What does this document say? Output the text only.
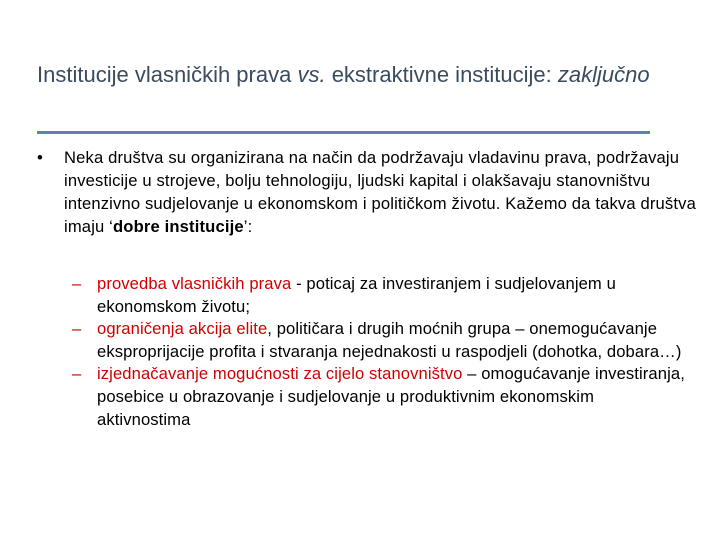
Institucije vlasničkih prava vs. ekstraktivne institucije: zaključno
• Neka društva su organizirana na način da podržavaju vladavinu prava, podržavaju investicije u strojeve, bolju tehnologiju, ljudski kapital i olakšavaju stanovništvu intenzivno sudjelovanje u ekonomskom i političkom životu. Kažemo da takva društva imaju ‘dobre institucije’:
– provedba vlasničkih prava - poticaj za investiranjem i sudjelovanjem u ekonomskom životu;
– ograničenja akcija elite, političara i drugih moćnih grupa – onemogućavanje eksproprijacije profita i stvaranja nejednakosti u raspodjeli (dohotka, dobara…)
– izjednačavanje mogućnosti za cijelo stanovništvo – omogućavanje investiranja, posebice u obrazovanje i sudjelovanje u produktivnim ekonomskim aktivnostima
